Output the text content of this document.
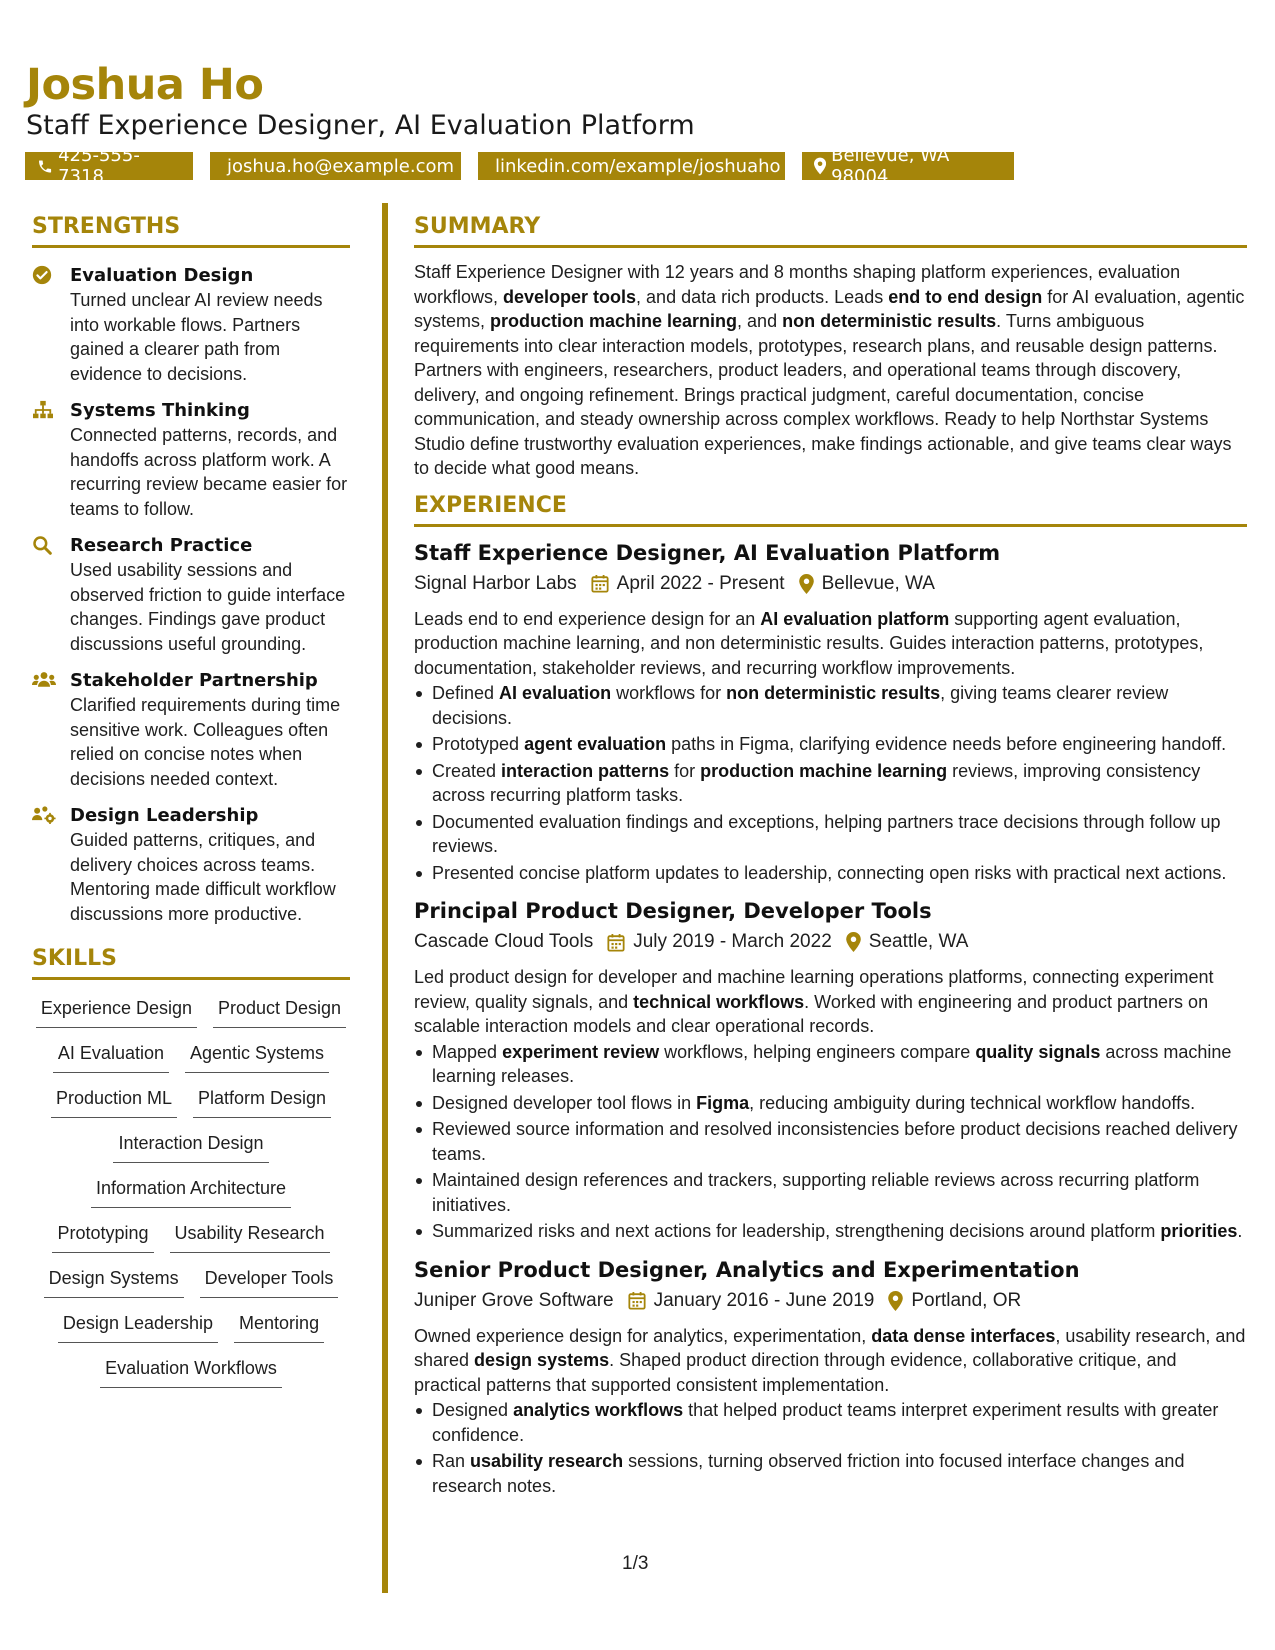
Joshua Ho
Staff Experience Designer, AI Evaluation Platform
425-555-7318	joshua.ho@example.com linkedin.com/example/joshuaho	Bellevue, WA 98004
STRENGTHS
Evaluation Design
Turned unclear AI review needs into workable flows. Partners gained a clearer path from evidence to decisions.
Systems Thinking
Connected patterns, records, and handoffs across platform work. A recurring review became easier for teams to follow.
Research Practice
Used usability sessions and observed friction to guide interface changes. Findings gave product discussions useful grounding.
Stakeholder Partnership
Clarified requirements during time sensitive work. Colleagues often relied on concise notes when decisions needed context.
Design Leadership
Guided patterns, critiques, and delivery choices across teams. Mentoring made difficult workflow discussions more productive.
SKILLS
Experience Design Product Design
AI Evaluation Agentic Systems
Production ML Platform Design
Interaction Design
Information Architecture
Prototyping Usability Research
Design Systems Developer Tools
Design Leadership Mentoring
Evaluation Workflows
SUMMARY
Staff Experience Designer with 12 years and 8 months shaping platform experiences, evaluation workflows, developer tools, and data rich products. Leads end to end design for AI evaluation, agentic systems, production machine learning, and non deterministic results. Turns ambiguous requirements into clear interaction models, prototypes, research plans, and reusable design patterns. Partners with engineers, researchers, product leaders, and operational teams through discovery, delivery, and ongoing refinement. Brings practical judgment, careful documentation, concise communication, and steady ownership across complex workflows. Ready to help Northstar Systems Studio define trustworthy evaluation experiences, make findings actionable, and give teams clear ways to decide what good means.
EXPERIENCE
Staff Experience Designer, AI Evaluation Platform
Signal Harbor Labs April 2022 - Present Bellevue, WA
Leads end to end experience design for an AI evaluation platform supporting agent evaluation, production machine learning, and non deterministic results. Guides interaction patterns, prototypes, documentation, stakeholder reviews, and recurring workflow improvements.
Defined AI evaluation workflows for non deterministic results, giving teams clearer review decisions.
Prototyped agent evaluation paths in Figma, clarifying evidence needs before engineering handoff.
Created interaction patterns for production machine learning reviews, improving consistency across recurring platform tasks.
Documented evaluation findings and exceptions, helping partners trace decisions through follow up reviews.
Presented concise platform updates to leadership, connecting open risks with practical next actions.
Principal Product Designer, Developer Tools
Cascade Cloud Tools July 2019 - March 2022 Seattle, WA
Led product design for developer and machine learning operations platforms, connecting experiment review, quality signals, and technical workflows. Worked with engineering and product partners on scalable interaction models and clear operational records.
Mapped experiment review workflows, helping engineers compare quality signals across machine learning releases.
Designed developer tool flows in Figma, reducing ambiguity during technical workflow handoffs.
Reviewed source information and resolved inconsistencies before product decisions reached delivery teams.
Maintained design references and trackers, supporting reliable reviews across recurring platform initiatives.
Summarized risks and next actions for leadership, strengthening decisions around platform priorities.
Senior Product Designer, Analytics and Experimentation
Juniper Grove Software January 2016 - June 2019 Portland, OR
Owned experience design for analytics, experimentation, data dense interfaces, usability research, and shared design systems. Shaped product direction through evidence, collaborative critique, and practical patterns that supported consistent implementation.
Designed analytics workflows that helped product teams interpret experiment results with greater confidence.
Ran usability research sessions, turning observed friction into focused interface changes and research notes.
1/3
